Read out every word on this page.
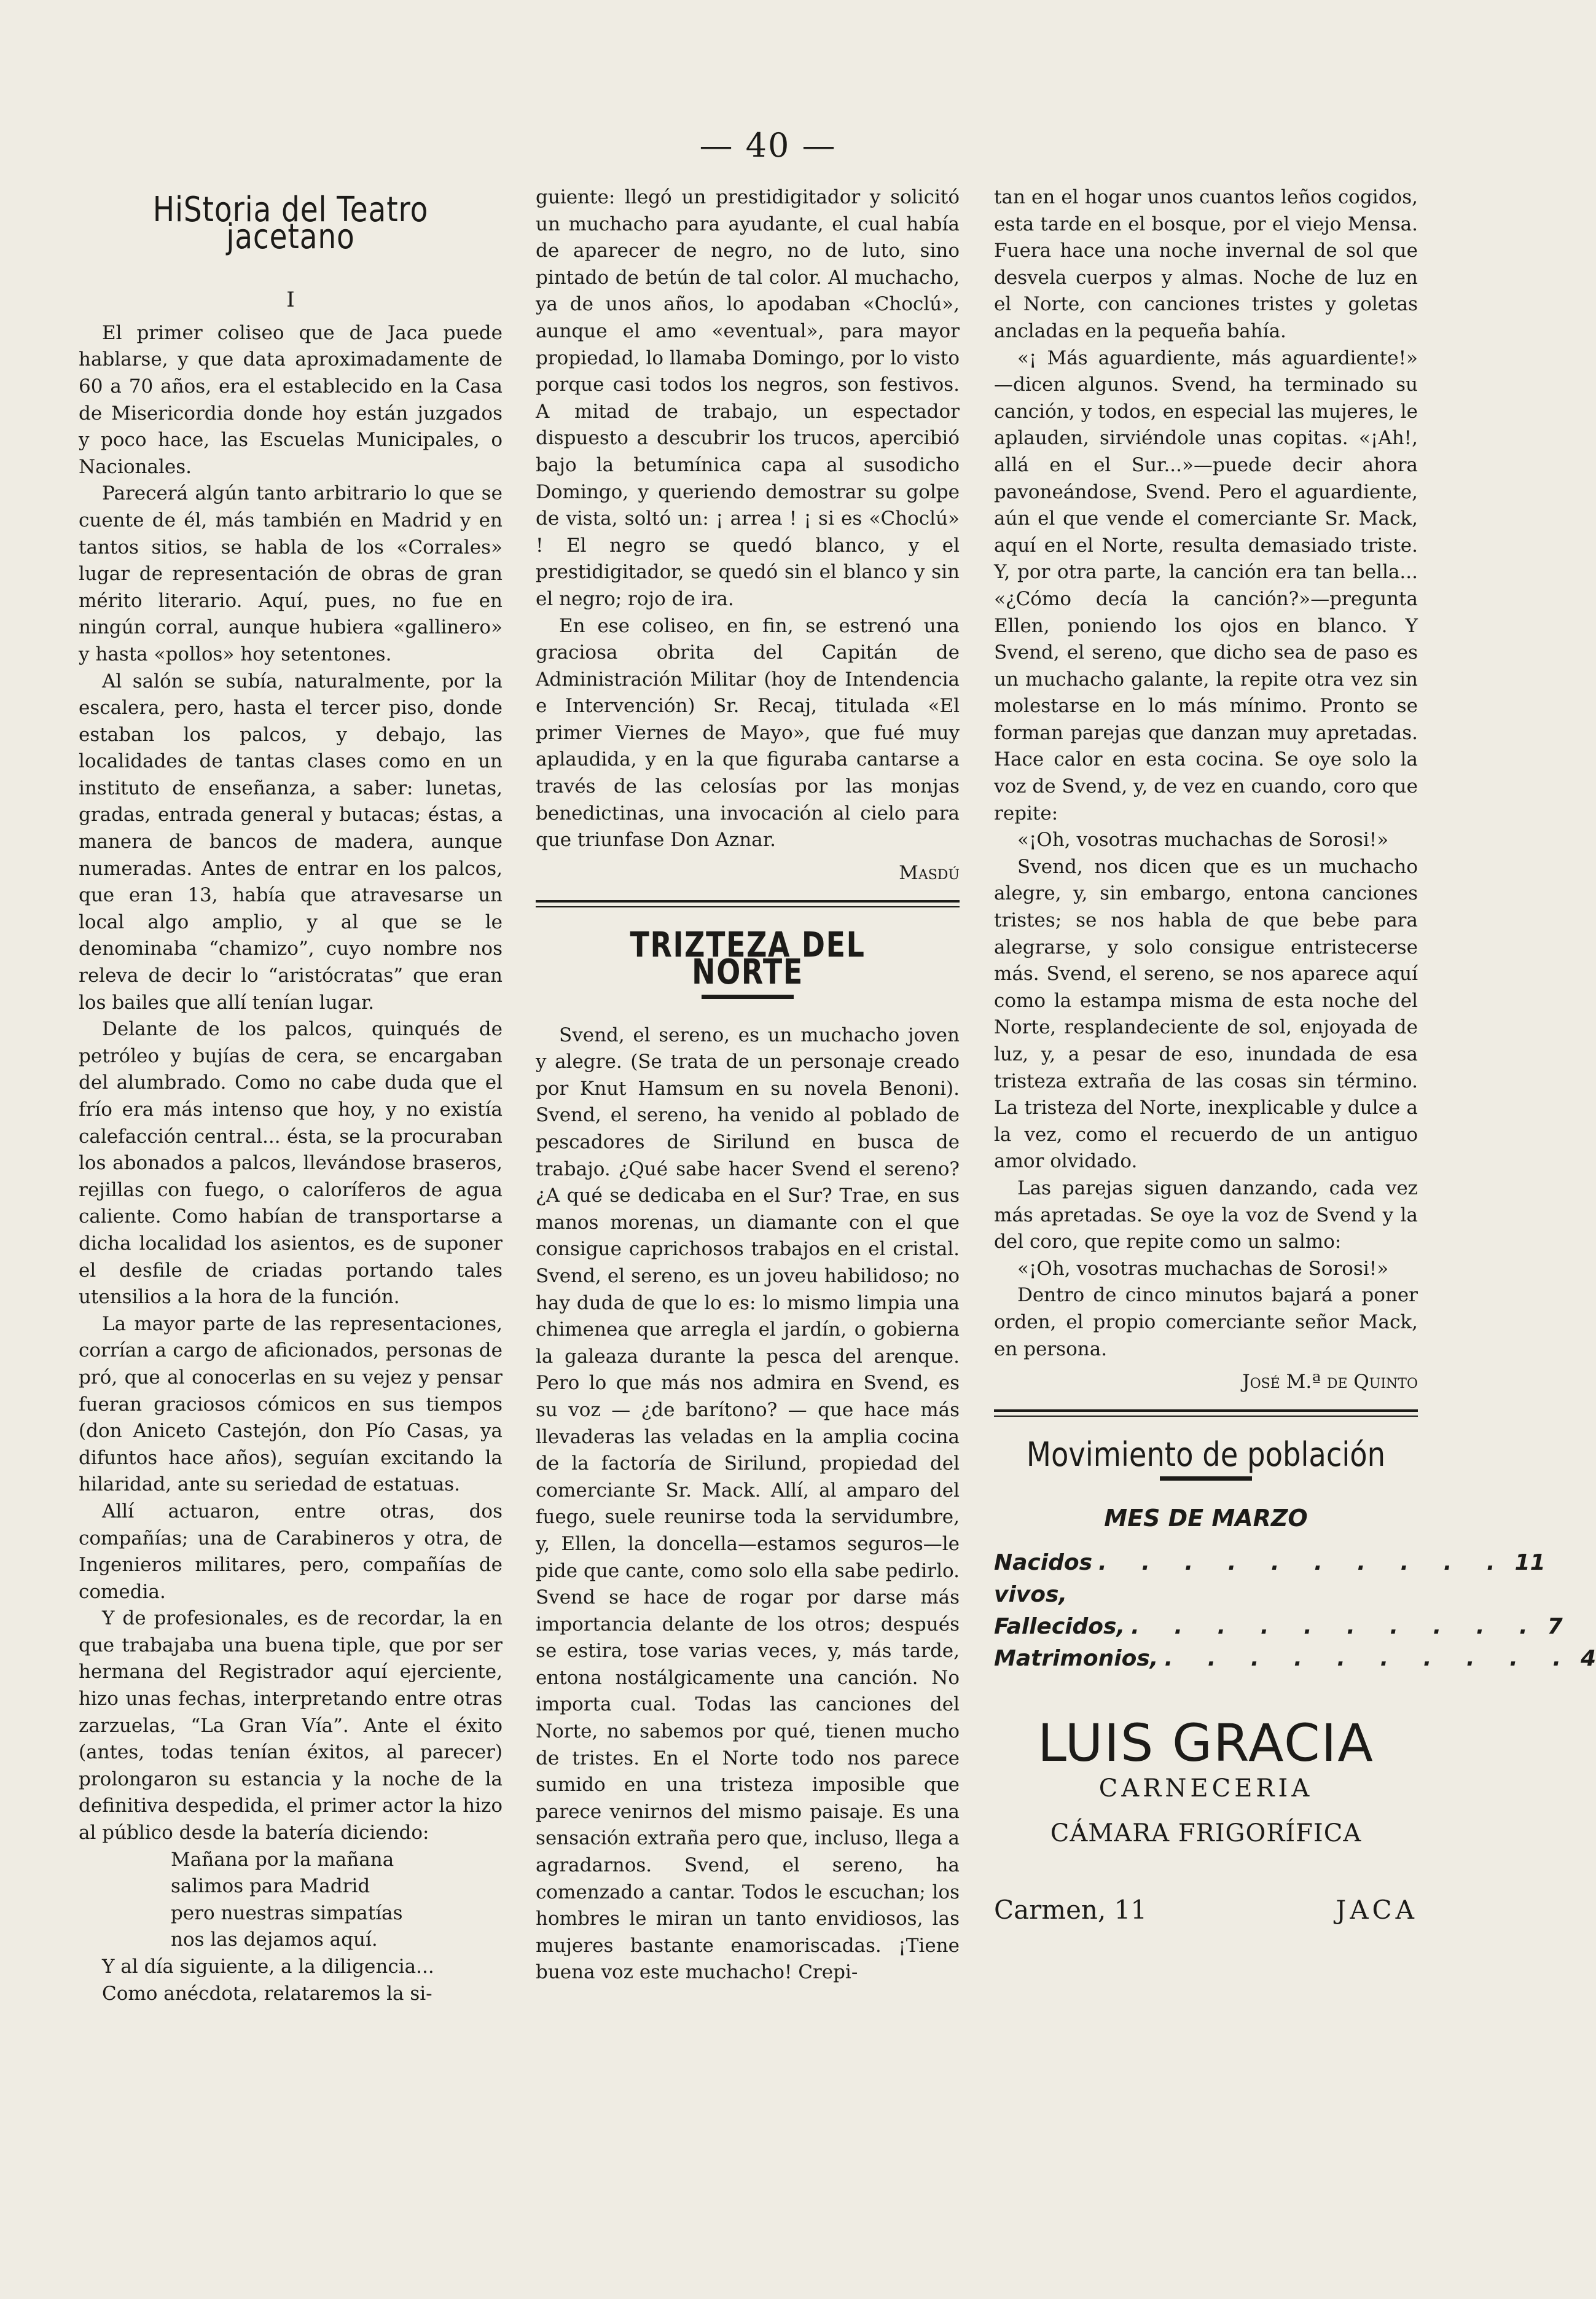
— 40 —
HiStoria del Teatro jacetano
I

El primer coliseo que de Jaca puede hablarse, y que data aproximadamente de 60 a 70 años, era el establecido en la Casa de Misericordia donde hoy están juzgados y poco hace, las Escuelas Municipales, o Nacionales.

Parecerá algún tanto arbitrario lo que se cuente de él, más también en Madrid y en tantos sitios, se habla de los «Corrales» lugar de representación de obras de gran mérito literario. Aquí, pues, no fue en ningún corral, aunque hubiera «gallinero» y hasta «pollos» hoy setentones.

Al salón se subía, naturalmente, por la escalera, pero, hasta el tercer piso, donde estaban los palcos, y debajo, las localidades de tantas clases como en un instituto de enseñanza, a saber: lunetas, gradas, entrada general y butacas; éstas, a manera de bancos de madera, aunque numeradas. Antes de entrar en los palcos, que eran 13, había que atravesarse un local algo amplio, y al que se le denominaba “chamizo”, cuyo nombre nos releva de decir lo “aristócratas” que eran los bailes que allí tenían lugar.

Delante de los palcos, quinqués de petróleo y bujías de cera, se encargaban del alumbrado. Como no cabe duda que el frío era más intenso que hoy, y no existía calefacción central... ésta, se la procuraban los abonados a palcos, llevándose braseros, rejillas con fuego, o caloríferos de agua caliente. Como habían de transportarse a dicha localidad los asientos, es de suponer el desfile de criadas portando tales utensilios a la hora de la función.

La mayor parte de las representaciones, corrían a cargo de aficionados, personas de pró, que al conocerlas en su vejez y pensar fueran graciosos cómicos en sus tiempos (don Aniceto Castejón, don Pío Casas, ya difuntos hace años), seguían excitando la hilaridad, ante su seriedad de estatuas.

Allí actuaron, entre otras, dos compañías; una de Carabineros y otra, de Ingenieros militares, pero, compañías de comedia.

Y de profesionales, es de recordar, la en que trabajaba una buena tiple, que por ser hermana del Registrador aquí ejerciente, hizo unas fechas, interpretando entre otras zarzuelas, “La Gran Vía”. Ante el éxito (antes, todas tenían éxitos, al parecer) prolongaron su estancia y la noche de la definitiva despedida, el primer actor la hizo al público desde la batería diciendo:

Mañana por la mañana

salimos para Madrid

pero nuestras simpatías

nos las dejamos aquí.

Y al día siguiente, a la diligencia...

Como anécdota, relataremos la si-

guiente: llegó un prestidigitador y solicitó un muchacho para ayudante, el cual había de aparecer de negro, no de luto, sino pintado de betún de tal color. Al muchacho, ya de unos años, lo apodaban «Choclú», aunque el amo «eventual», para mayor propiedad, lo llamaba Domingo, por lo visto porque casi todos los negros, son festivos. A mitad de trabajo, un espectador dispuesto a descubrir los trucos, apercibió bajo la betumínica capa al susodicho Domingo, y queriendo demostrar su golpe de vista, soltó un: ¡ arrea ! ¡ si es «Choclú» ! El negro se quedó blanco, y el prestidigitador, se quedó sin el blanco y sin el negro; rojo de ira.

En ese coliseo, en fin, se estrenó una graciosa obrita del Capitán de Administración Militar (hoy de Intendencia e Intervención) Sr. Recaj, titulada «El primer Viernes de Mayo», que fué muy aplaudida, y en la que figuraba cantarse a través de las celosías por las monjas benedictinas, una invocación al cielo para que triunfase Don Aznar.

Masdú

TRIZTEZA DEL NORTE

Svend, el sereno, es un muchacho joven y alegre. (Se trata de un personaje creado por Knut Hamsum en su novela Benoni). Svend, el sereno, ha venido al poblado de pescadores de Sirilund en busca de trabajo. ¿Qué sabe hacer Svend el sereno? ¿A qué se dedicaba en el Sur? Trae, en sus manos morenas, un diamante con el que consigue caprichosos trabajos en el cristal. Svend, el sereno, es un joveu habilidoso; no hay duda de que lo es: lo mismo limpia una chimenea que arregla el jardín, o gobierna la galeaza durante la pesca del arenque. Pero lo que más nos admira en Svend, es su voz — ¿de barítono? — que hace más llevaderas las veladas en la amplia cocina de la factoría de Sirilund, propiedad del comerciante Sr. Mack. Allí, al amparo del fuego, suele reunirse toda la servidumbre, y, Ellen, la doncella—estamos seguros—le pide que cante, como solo ella sabe pedirlo. Svend se hace de rogar por darse más importancia delante de los otros; después se estira, tose varias veces, y, más tarde, entona nostálgicamente una canción. No importa cual. Todas las canciones del Norte, no sabemos por qué, tienen mucho de tristes. En el Norte todo nos parece sumido en una tristeza imposible que parece venirnos del mismo paisaje. Es una sensación extraña pero que, incluso, llega a agradarnos. Svend, el sereno, ha comenzado a cantar. Todos le escuchan; los hombres le miran un tanto envidiosos, las mujeres bastante enamoriscadas. ¡Tiene buena voz este muchacho! Crepi-

tan en el hogar unos cuantos leños cogidos, esta tarde en el bosque, por el viejo Mensa. Fuera hace una noche invernal de sol que desvela cuerpos y almas. Noche de luz en el Norte, con canciones tristes y goletas ancladas en la pequeña bahía.

«¡ Más aguardiente, más aguardiente!» —dicen algunos. Svend, ha terminado su canción, y todos, en especial las mujeres, le aplauden, sirviéndole unas copitas. «¡Ah!, allá en el Sur...»—puede decir ahora pavoneándose, Svend. Pero el aguardiente, aún el que vende el comerciante Sr. Mack, aquí en el Norte, resulta demasiado triste. Y, por otra parte, la canción era tan bella... «¿Cómo decía la canción?»—pregunta Ellen, poniendo los ojos en blanco. Y Svend, el sereno, que dicho sea de paso es un muchacho galante, la repite otra vez sin molestarse en lo más mínimo. Pronto se forman parejas que danzan muy apretadas. Hace calor en esta cocina. Se oye solo la voz de Svend, y, de vez en cuando, coro que repite:

«¡Oh, vosotras muchachas de Sorosi!»

Svend, nos dicen que es un muchacho alegre, y, sin embargo, entona canciones tristes; se nos habla de que bebe para alegrarse, y solo consigue entristecerse más. Svend, el sereno, se nos aparece aquí como la estampa misma de esta noche del Norte, resplandeciente de sol, enjoyada de luz, y, a pesar de eso, inundada de esa tristeza extraña de las cosas sin término. La tristeza del Norte, inexplicable y dulce a la vez, como el recuerdo de un antiguo amor olvidado.

Las parejas siguen danzando, cada vez más apretadas. Se oye la voz de Svend y la del coro, que repite como un salmo:

«¡Oh, vosotras muchachas de Sorosi!»

Dentro de cinco minutos bajará a poner orden, el propio comerciante señor Mack, en persona.

José M.ª de Quinto

Movimiento de población
MES DE MARZO
Nacidos vivos,
. . . . . . . . . . 11
Fallecidos, . . . . . . . . . . 7
Matrimonios, . . . . . . . . . . 4
LUIS GRACIA
CARNECERIA
CÁMARA FRIGORÍFICA
Carmen, 11	JACA
